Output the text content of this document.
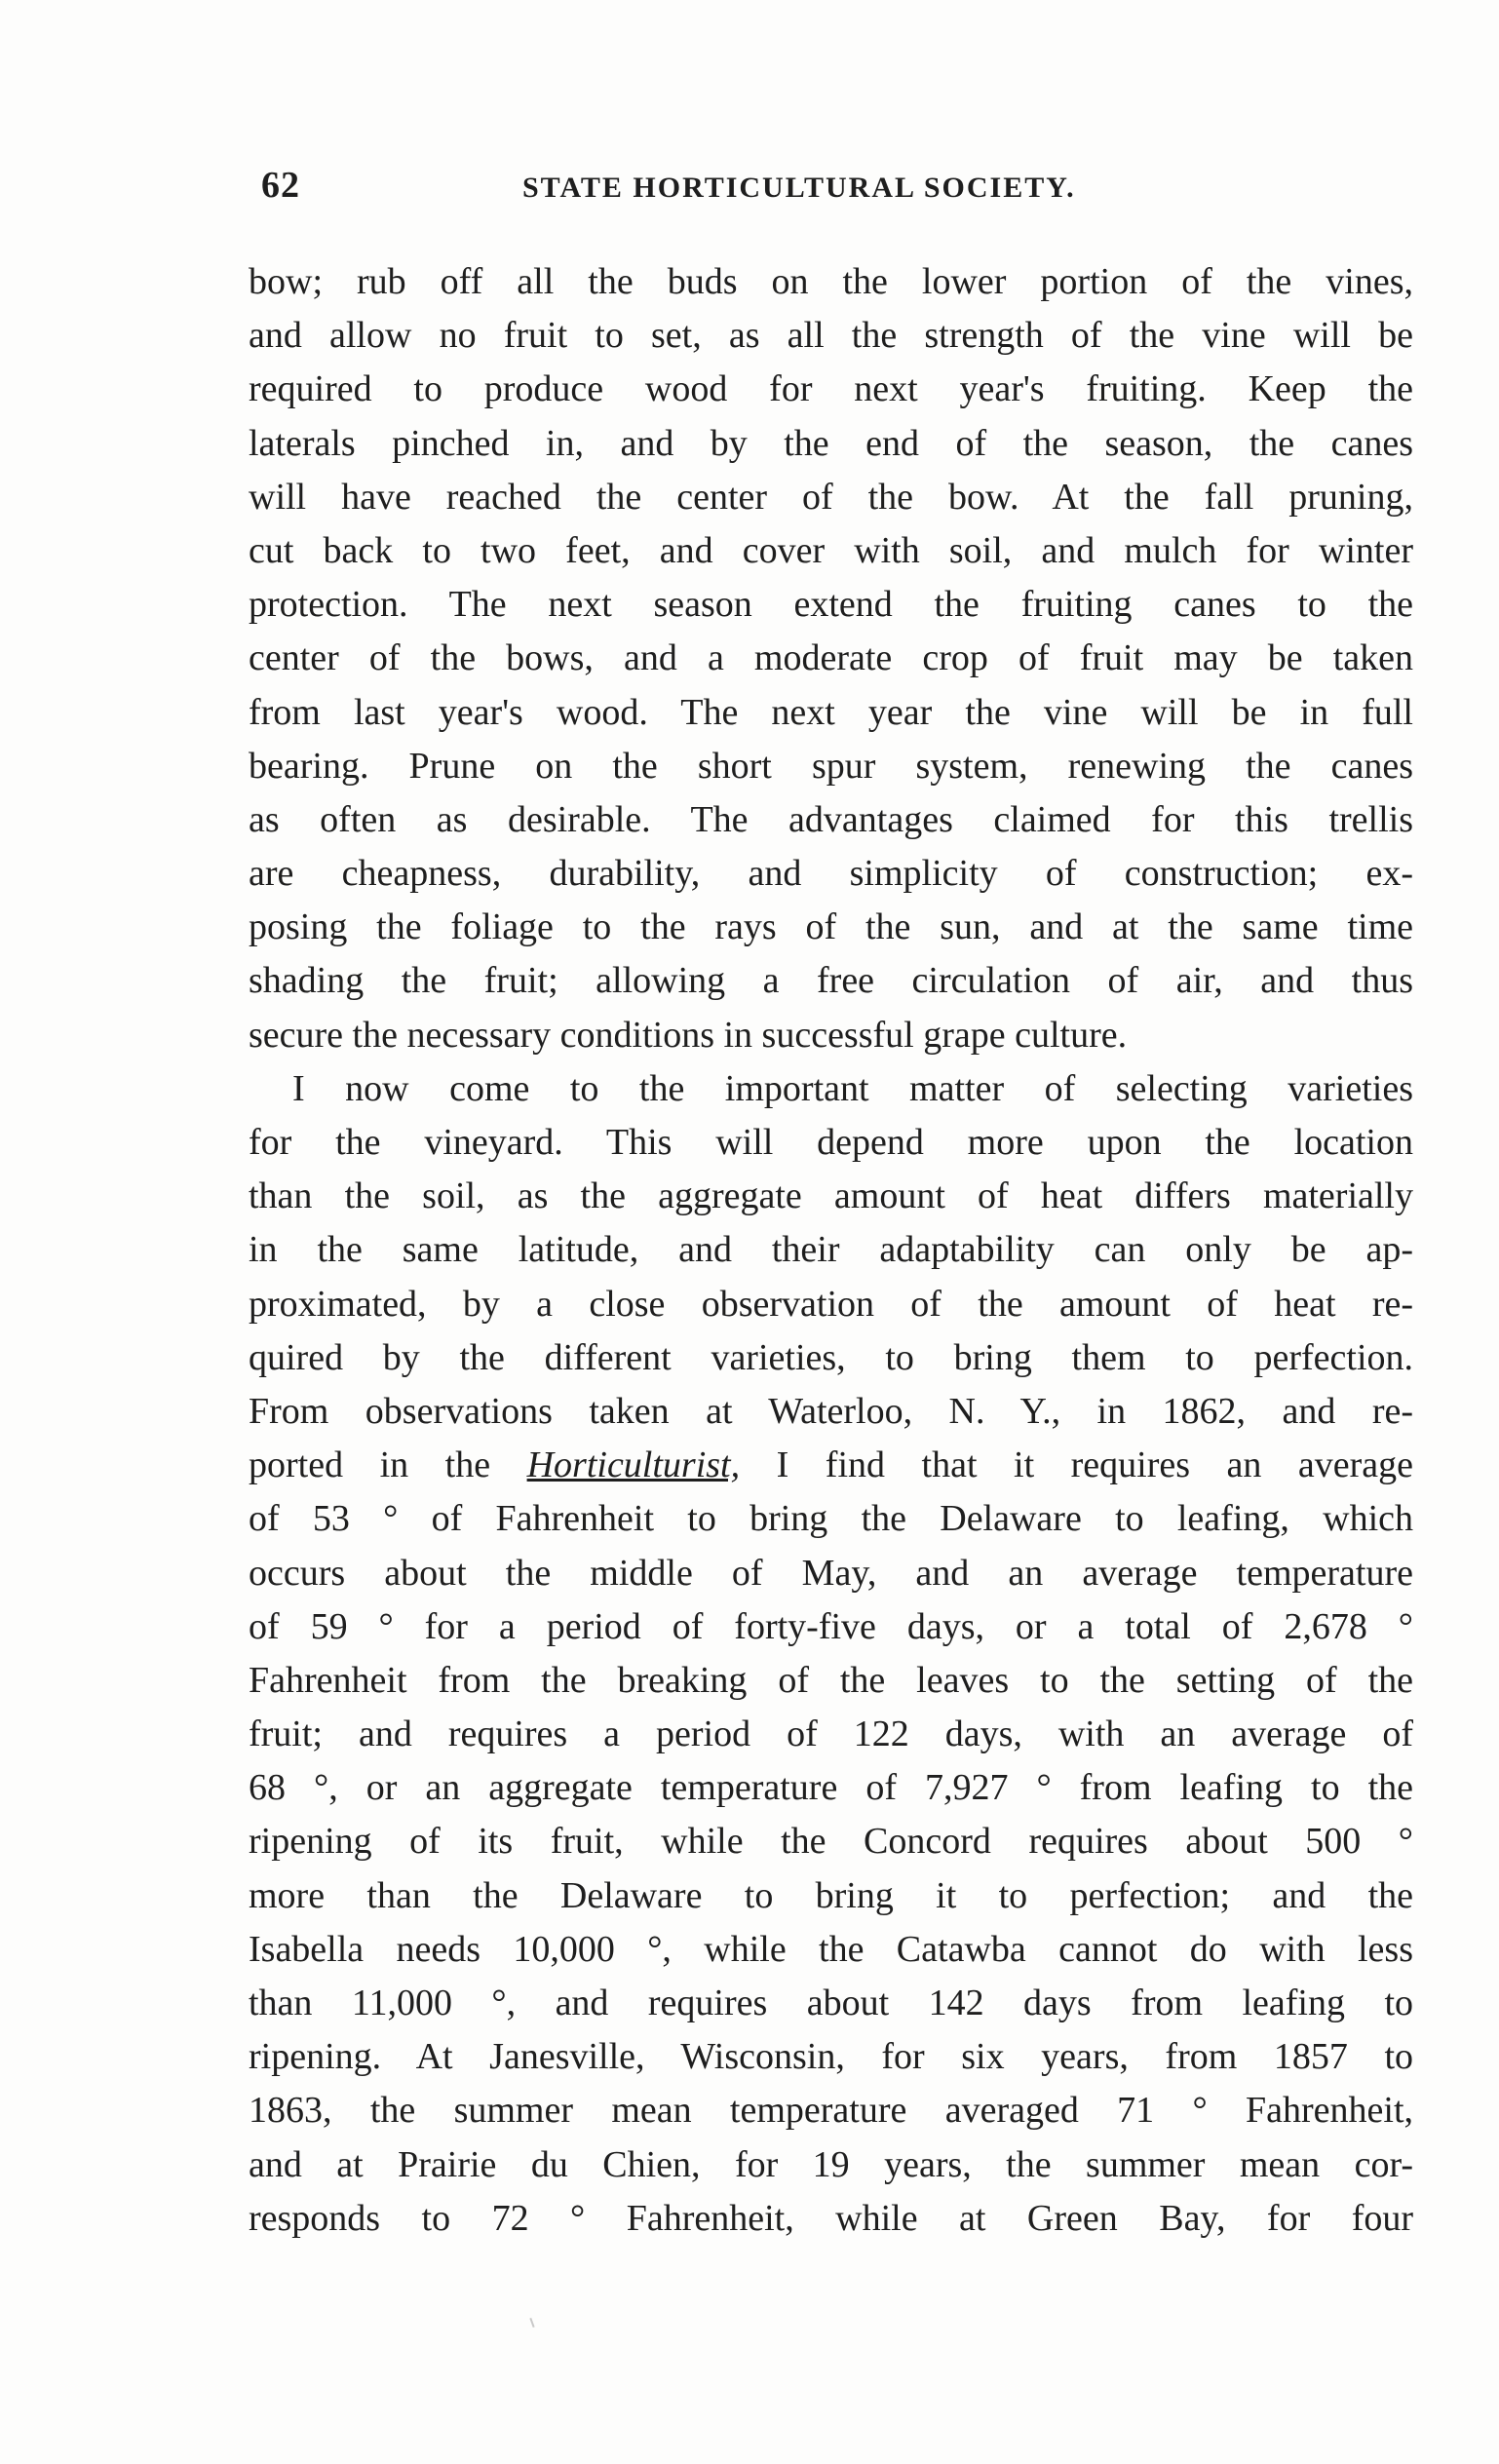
62	STATE HORTICULTURAL SOCIETY.
bow; rub off all the buds on the lower portion of the vines,
and allow no fruit to set, as all the strength of the vine will be
required to produce wood for next year's fruiting. Keep the
laterals pinched in, and by the end of the season, the canes
will have reached the center of the bow. At the fall pruning,
cut back to two feet, and cover with soil, and mulch for winter
protection. The next season extend the fruiting canes to the
center of the bows, and a moderate crop of fruit may be taken
from last year's wood. The next year the vine will be in full
bearing. Prune on the short spur system, renewing the canes
as often as desirable. The advantages claimed for this trellis
are cheapness, durability, and simplicity of construction; ex-
posing the foliage to the rays of the sun, and at the same time
shading the fruit; allowing a free circulation of air, and thus
secure the necessary conditions in successful grape culture.
I now come to the important matter of selecting varieties
for the vineyard. This will depend more upon the location
than the soil, as the aggregate amount of heat differs materially
in the same latitude, and their adaptability can only be ap-
proximated, by a close observation of the amount of heat re-
quired by the different varieties, to bring them to perfection.
From observations taken at Waterloo, N. Y., in 1862, and re-
ported in the Horticulturist, I find that it requires an average
of 53 ° of Fahrenheit to bring the Delaware to leafing, which
occurs about the middle of May, and an average temperature
of 59 ° for a period of forty-five days, or a total of 2,678 °
Fahrenheit from the breaking of the leaves to the setting of the
fruit; and requires a period of 122 days, with an average of
68 °, or an aggregate temperature of 7,927 ° from leafing to the
ripening of its fruit, while the Concord requires about 500 °
more than the Delaware to bring it to perfection; and the
Isabella needs 10,000 °, while the Catawba cannot do with less
than 11,000 °, and requires about 142 days from leafing to
ripening. At Janesville, Wisconsin, for six years, from 1857 to
1863, the summer mean temperature averaged 71 ° Fahrenheit,
and at Prairie du Chien, for 19 years, the summer mean cor-
responds to 72 ° Fahrenheit, while at Green Bay, for four
